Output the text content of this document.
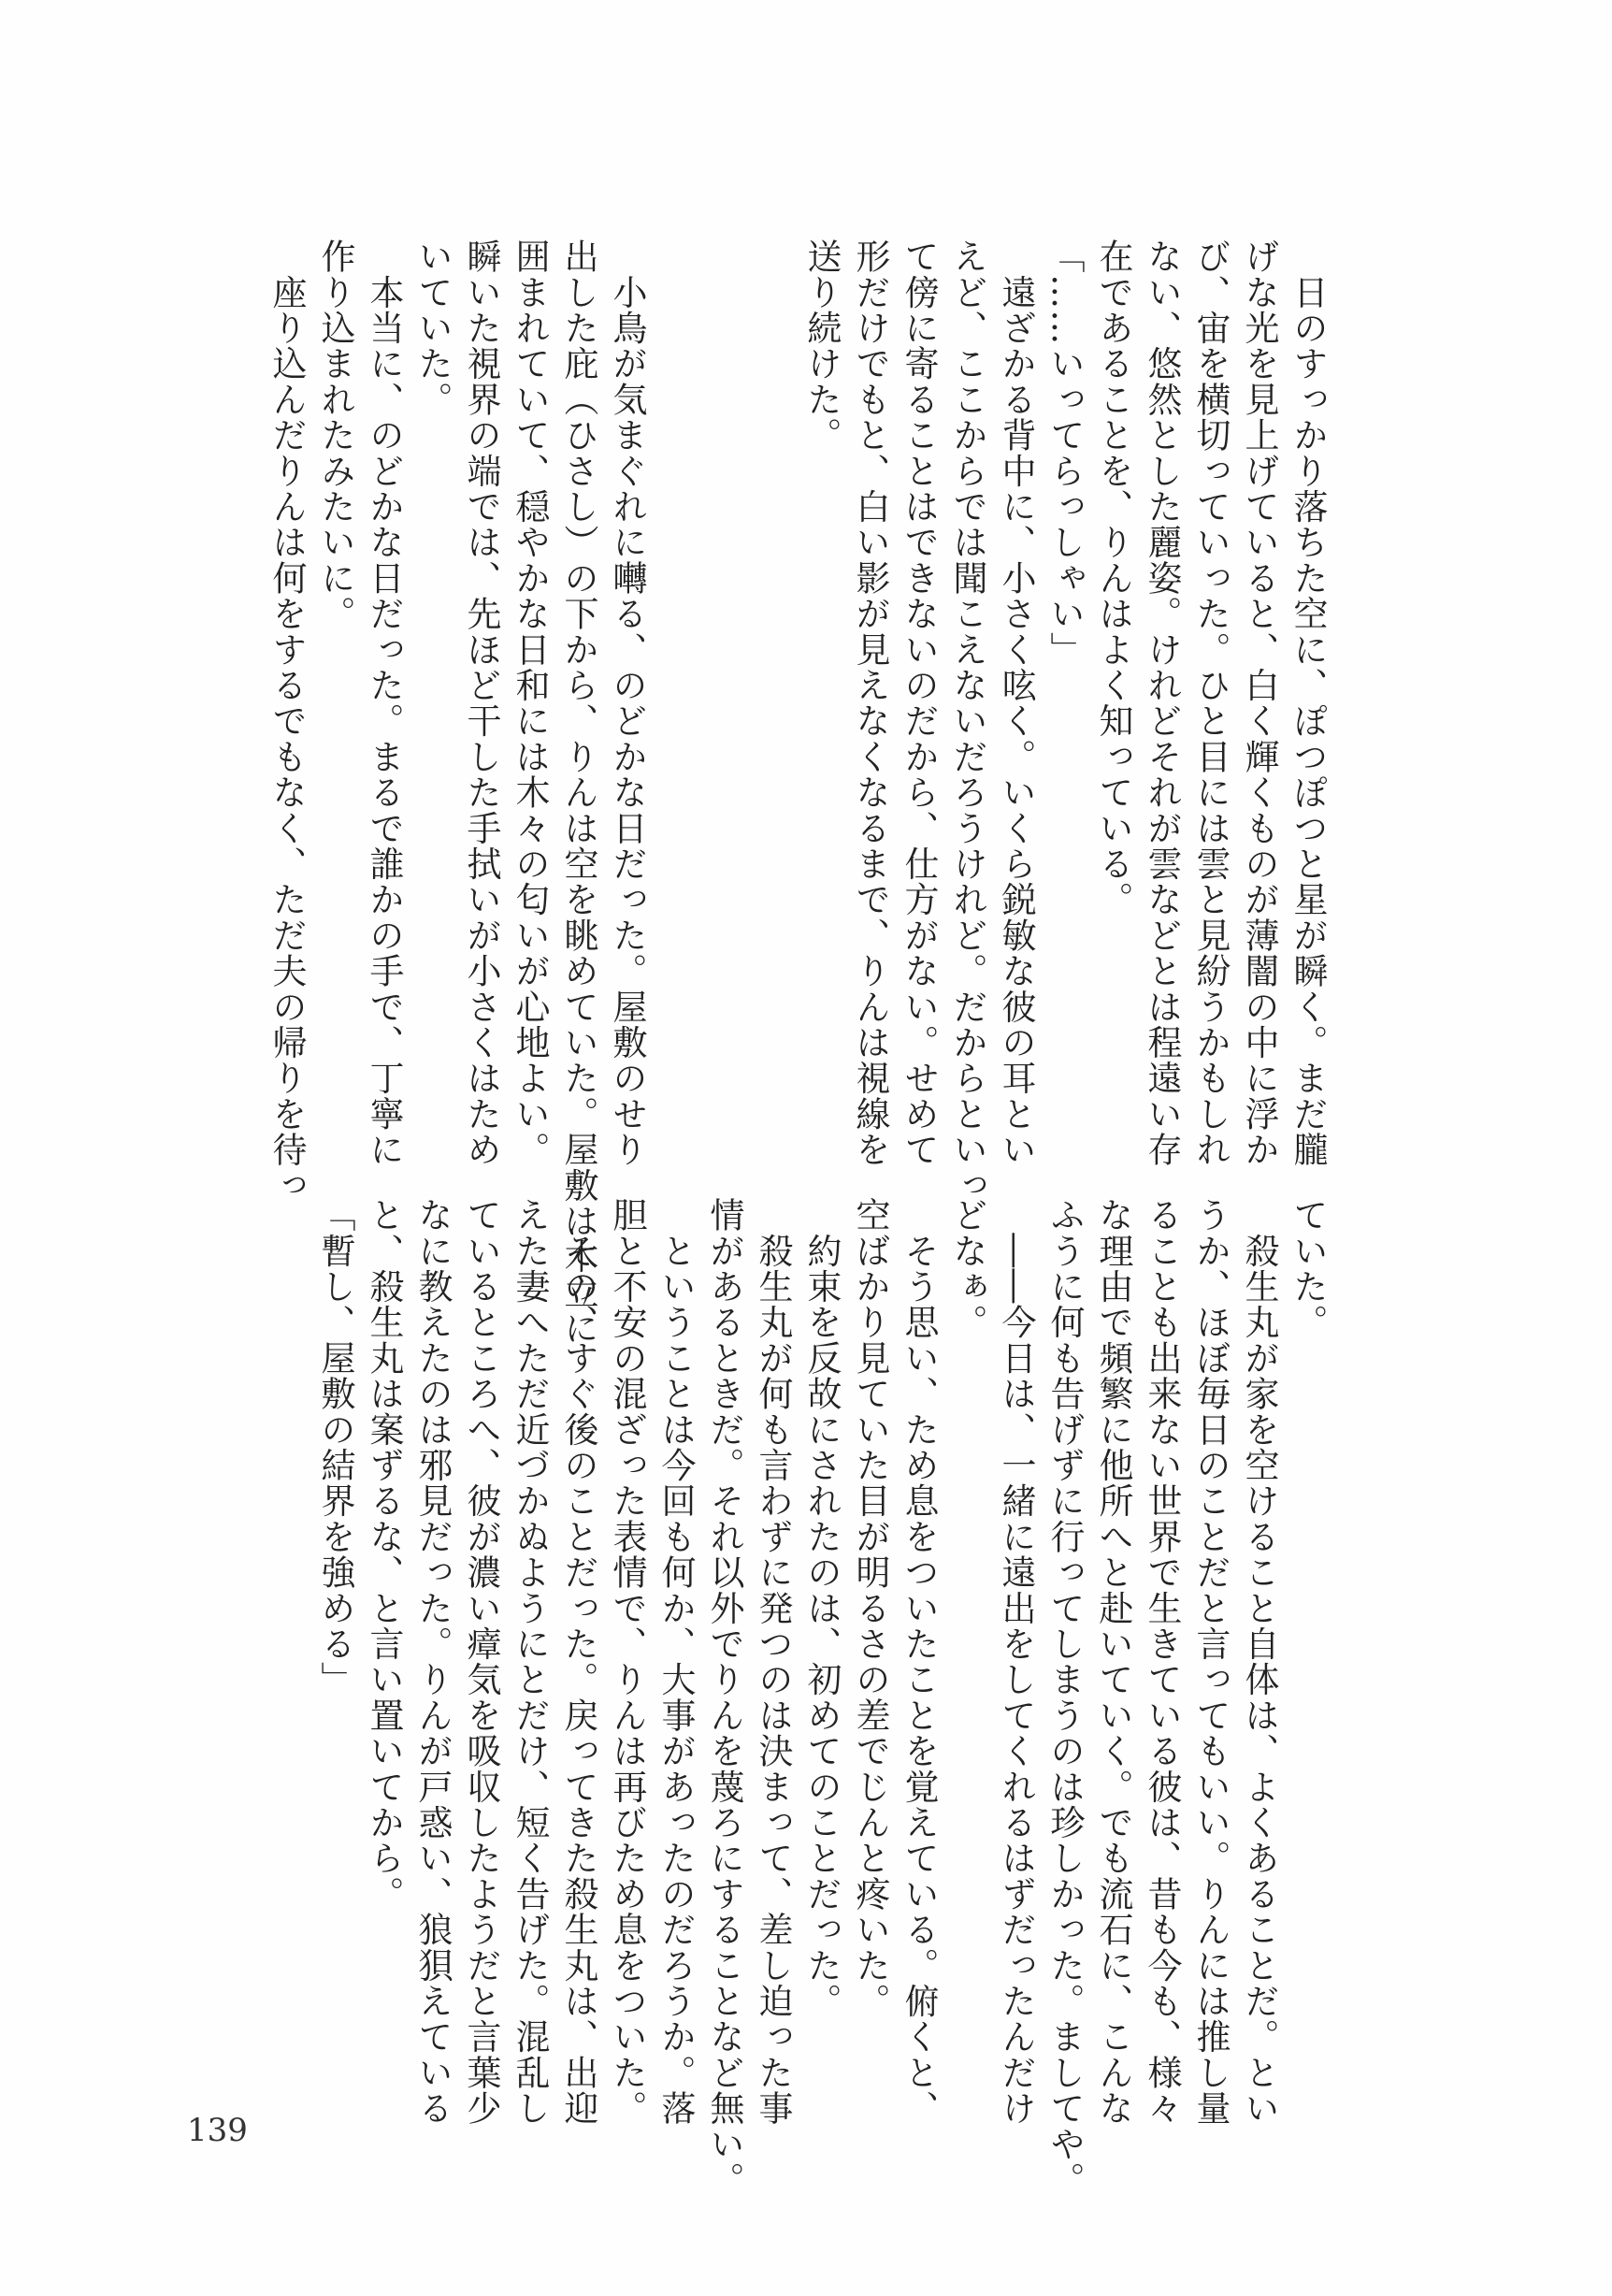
　日のすっかり落ちた空に、ぽつぽつと星が瞬く。まだ朧
げな光を見上げていると、白く輝くものが薄闇の中に浮か
び、宙を横切っていった。ひと目には雲と見紛うかもしれ
ない、悠然とした麗姿。けれどそれが雲などとは程遠い存
在であることを、りんはよく知っている。
「……いってらっしゃい」
　遠ざかる背中に、小さく呟く。いくら鋭敏な彼の耳とい
えど、ここからでは聞こえないだろうけれど。だからといっ
て傍に寄ることはできないのだから、仕方がない。せめて
形だけでもと、白い影が見えなくなるまで、りんは視線を
送り続けた。

　小鳥が気まぐれに囀る、のどかな日だった。屋敷のせり
出した庇（ひさし）の下から、りんは空を眺めていた。屋敷は木立に
囲まれていて、穏やかな日和には木々の匂いが心地よい。
瞬いた視界の端では、先ほど干した手拭いが小さくはため
いていた。
　本当に、のどかな日だった。まるで誰かの手で、丁寧に
作り込まれたみたいに。
　座り込んだりんは何をするでもなく、ただ夫の帰りを待っ
ていた。
　殺生丸が家を空けること自体は、よくあることだ。とい
うか、ほぼ毎日のことだと言ってもいい。りんには推し量
ることも出来ない世界で生きている彼は、昔も今も、様々
な理由で頻繁に他所へと赴いていく。でも流石に、こんな
ふうに何も告げずに行ってしまうのは珍しかった。ましてや。
　――今日は、一緒に遠出をしてくれるはずだったんだけ
どなぁ。
　そう思い、ため息をついたことを覚えている。俯くと、
空ばかり見ていた目が明るさの差でじんと疼いた。
　約束を反故にされたのは、初めてのことだった。
　殺生丸が何も言わずに発つのは決まって、差し迫った事
情があるときだ。それ以外でりんを蔑ろにすることなど無い。
　ということは今回も何か、大事があったのだろうか。落
胆と不安の混ざった表情で、りんは再びため息をついた。
　その、すぐ後のことだった。戻ってきた殺生丸は、出迎
えた妻へただ近づかぬようにとだけ、短く告げた。混乱し
ているところへ、彼が濃い瘴気を吸収したようだと言葉少
なに教えたのは邪見だった。りんが戸惑い、狼狽えている
と、殺生丸は案ずるな、と言い置いてから。
「暫し、屋敷の結界を強める」
139
